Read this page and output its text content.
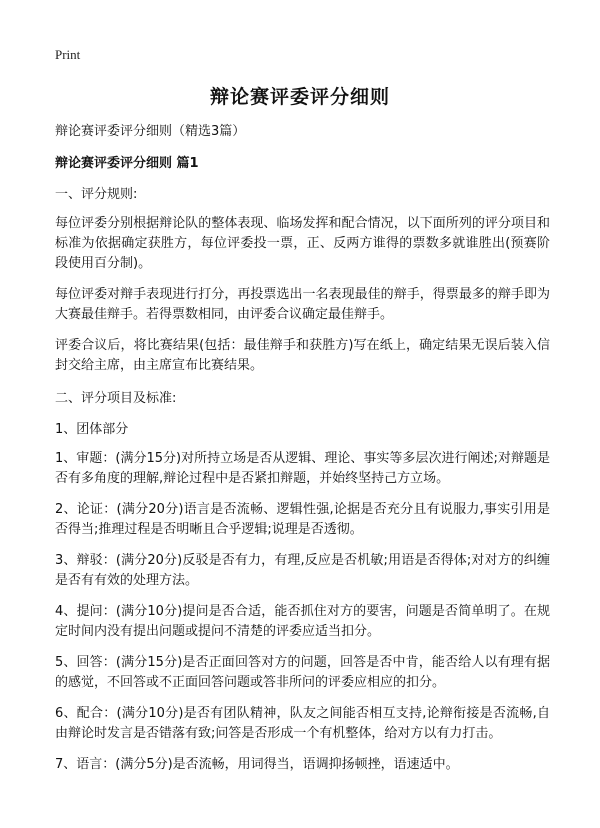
Print
辩论赛评委评分细则

辩论赛评委评分细则（精选3篇）

辩论赛评委评分细则 篇1

一、评分规则:

每位评委分别根据辩论队的整体表现、临场发挥和配合情况，以下面所列的评分项目和标准为依据确定获胜方，每位评委投一票，正、反两方谁得的票数多就谁胜出(预赛阶段使用百分制)。

每位评委对辩手表现进行打分，再投票选出一名表现最佳的辩手，得票最多的辩手即为大赛最佳辩手。若得票数相同，由评委合议确定最佳辩手。

评委合议后，将比赛结果(包括：最佳辩手和获胜方)写在纸上，确定结果无误后装入信封交给主席，由主席宣布比赛结果。

二、评分项目及标准:

1、团体部分

1、审题：(满分15分)对所持立场是否从逻辑、理论、事实等多层次进行阐述;对辩题是否有多角度的理解,辩论过程中是否紧扣辩题，并始终坚持己方立场。

2、论证：(满分20分)语言是否流畅、逻辑性强,论据是否充分且有说服力,事实引用是否得当;推理过程是否明晰且合乎逻辑;说理是否透彻。

3、辩驳：(满分20分)反驳是否有力，有理,反应是否机敏;用语是否得体;对对方的纠缠是否有有效的处理方法。

4、提问：(满分10分)提问是否合适，能否抓住对方的要害，问题是否简单明了。在规定时间内没有提出问题或提问不清楚的评委应适当扣分。

5、回答：(满分15分)是否正面回答对方的问题，回答是否中肯，能否给人以有理有据的感觉，不回答或不正面回答问题或答非所问的评委应相应的扣分。

6、配合：(满分10分)是否有团队精神，队友之间能否相互支持,论辩衔接是否流畅,自由辩论时发言是否错落有致;问答是否形成一个有机整体，给对方以有力打击。

7、语言：(满分5分)是否流畅，用词得当，语调抑扬顿挫，语速适中。
